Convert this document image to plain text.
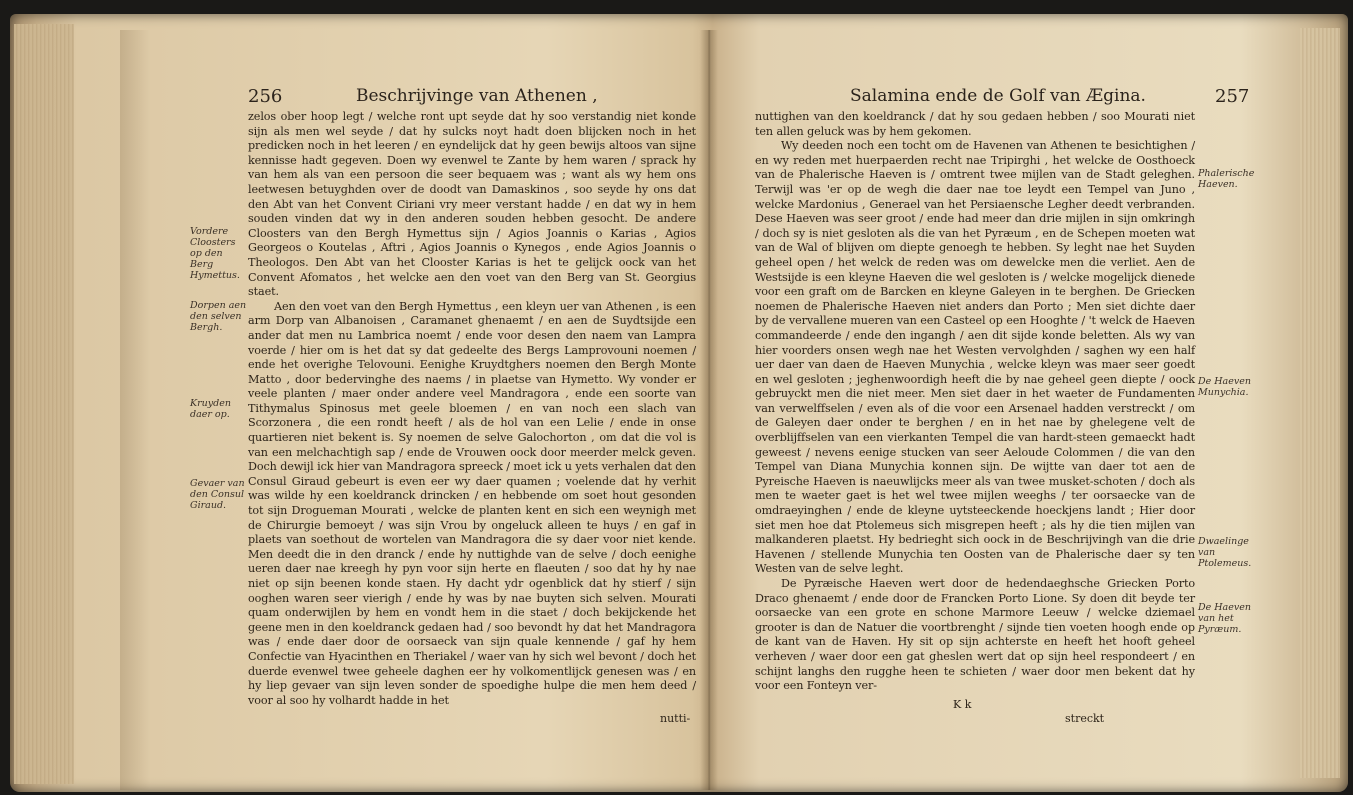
256	Beschrijvinge van Athenen ,

zelos ober hoop legt / welche ront upt seyde dat hy soo verstandig niet konde sijn als men wel seyde / dat hy sulcks noyt hadt doen blijcken noch in het predicken noch in het leeren / en eyndelijck dat hy geen bewijs altoos van sijne kennisse hadt gegeven. Doen wy evenwel te Zante by hem waren / sprack hy van hem als van een persoon die seer bequaem was ; want als wy hem ons leetwesen betuyghden over de doodt van Damaskinos , soo seyde hy ons dat den Abt van het Convent Ciriani vry meer verstant hadde / en dat wy in hem souden vinden dat wy in den anderen souden hebben gesocht. De andere Cloosters van den Bergh Hymettus sijn / Agios Joannis o Karias , Agios Georgeos o Koutelas , Aftri , Agios Joannis o Kynegos , ende Agios Joannis o Theologos. Den Abt van het Clooster Karias is het te gelijck oock van het Convent Afomatos , het welcke aen den voet van den Berg van St. Georgius staet.

Aen den voet van den Bergh Hymettus , een kleyn uer van Athenen , is een arm Dorp van Albanoisen , Caramanet ghenaemt / en aen de Suydtsijde een ander dat men nu Lambrica noemt / ende voor desen den naem van Lampra voerde / hier om is het dat sy dat gedeelte des Bergs Lamprovouni noemen / ende het overighe Telovouni. Eenighe Kruydtghers noemen den Bergh Monte Matto , door bedervinghe des naems / in plaetse van Hymetto. Wy vonder er veele planten / maer onder andere veel Mandragora , ende een soorte van Tithymalus Spinosus met geele bloemen / en van noch een slach van Scorzonera , die een rondt heeft / als de hol van een Lelie / ende in onse quartieren niet bekent is. Sy noemen de selve Galochorton , om dat die vol is van een melchachtigh sap / ende de Vrouwen oock door meerder melck geven. Doch dewijl ick hier van Mandragora spreeck / moet ick u yets verhalen dat den Consul Giraud gebeurt is even eer wy daer quamen ; voelende dat hy verhit was wilde hy een koeldranck drincken / en hebbende om soet hout gesonden tot sijn Drogueman Mourati , welcke de planten kent en sich een weynigh met de Chirurgie bemoeyt / was sijn Vrou by ongeluck alleen te huys / en gaf in plaets van soethout de wortelen van Mandragora die sy daer voor niet kende. Men deedt die in den dranck / ende hy nuttighde van de selve / doch eenighe ueren daer nae kreegh hy pyn voor sijn herte en flaeuten / soo dat hy hy nae niet op sijn beenen konde staen. Hy dacht ydr ogenblick dat hy stierf / sijn ooghen waren seer vierigh / ende hy was by nae buyten sich selven. Mourati quam onderwijlen by hem en vondt hem in die staet / doch bekijckende het geene men in den koeldranck gedaen had / soo bevondt hy dat het Mandragora was / ende daer door de oorsaeck van sijn quale kennende / gaf hy hem Confectie van Hyacinthen en Theriakel / waer van hy sich wel bevont / doch het duerde evenwel twee geheele daghen eer hy volkomentlijck genesen was / en hy liep gevaer van sijn leven sonder de spoedighe hulpe die men hem deed / voor al soo hy volhardt hadde in het

Vordere Cloosters op den Berg Hymettus.
Dorpen aen den selven Bergh.
Kruyden daer op.
Gevaer van den Consul Giraud.
nutti-
Salamina ende de Golf van Ægina.	257

nuttighen van den koeldranck / dat hy sou gedaen hebben / soo Mourati niet ten allen geluck was by hem gekomen.

Wy deeden noch een tocht om de Havenen van Athenen te besichtighen / en wy reden met huerpaerden recht nae Tripirghi , het welcke de Oosthoeck van de Phalerische Haeven is / omtrent twee mijlen van de Stadt geleghen. Terwijl was 'er op de wegh die daer nae toe leydt een Tempel van Juno , welcke Mardonius , Generael van het Persiaensche Legher deedt verbranden. Dese Haeven was seer groot / ende had meer dan drie mijlen in sijn omkringh / doch sy is niet gesloten als die van het Pyræum , en de Schepen moeten wat van de Wal of blijven om diepte genoegh te hebben. Sy leght nae het Suyden geheel open / het welck de reden was om dewelcke men die verliet. Aen de Westsijde is een kleyne Haeven die wel gesloten is / welcke mogelijck dienede voor een graft om de Barcken en kleyne Galeyen in te berghen. De Griecken noemen de Phalerische Haeven niet anders dan Porto ; Men siet dichte daer by de vervallene mueren van een Casteel op een Hooghte / 't welck de Haeven commandeerde / ende den ingangh / aen dit sijde konde beletten. Als wy van hier voorders onsen wegh nae het Westen vervolghden / saghen wy een half uer daer van daen de Haeven Munychia , welcke kleyn was maer seer goedt en wel gesloten ; jeghenwoordigh heeft die by nae geheel geen diepte / oock gebruyckt men die niet meer. Men siet daer in het waeter de Fundamenten van verwelffselen / even als of die voor een Arsenael hadden verstreckt / om de Galeyen daer onder te berghen / en in het nae by ghelegene velt de overblijffselen van een vierkanten Tempel die van hardt-steen gemaeckt hadt geweest / nevens eenige stucken van seer Aeloude Colommen / die van den Tempel van Diana Munychia konnen sijn. De wijtte van daer tot aen de Pyreische Haeven is naeuwlijcks meer als van twee musket-schoten / doch als men te waeter gaet is het wel twee mijlen weeghs / ter oorsaecke van de omdraeyinghen / ende de kleyne uytsteeckende hoeckjens landt ; Hier door siet men hoe dat Ptolemeus sich misgrepen heeft ; als hy die tien mijlen van malkanderen plaetst. Hy bedrieght sich oock in de Beschrijvingh van die drie Havenen / stellende Munychia ten Oosten van de Phalerische daer sy ten Westen van de selve leght.

De Pyræische Haeven wert door de hedendaeghsche Griecken Porto Draco ghenaemt / ende door de Francken Porto Lione. Sy doen dit beyde ter oorsaecke van een grote en schone Marmore Leeuw / welcke dziemael grooter is dan de Natuer die voortbrenght / sijnde tien voeten hoogh ende op de kant van de Haven. Hy sit op sijn achterste en heeft het hooft geheel verheven / waer door een gat gheslen wert dat op sijn heel respondeert / en schijnt langhs den rugghe heen te schieten / waer door men bekent dat hy voor een Fonteyn ver-

Phalerische Haeven.
De Haeven Munychia.
Dwaelinge van Ptolemeus.
De Haeven van het Pyræum.
K k
streckt
